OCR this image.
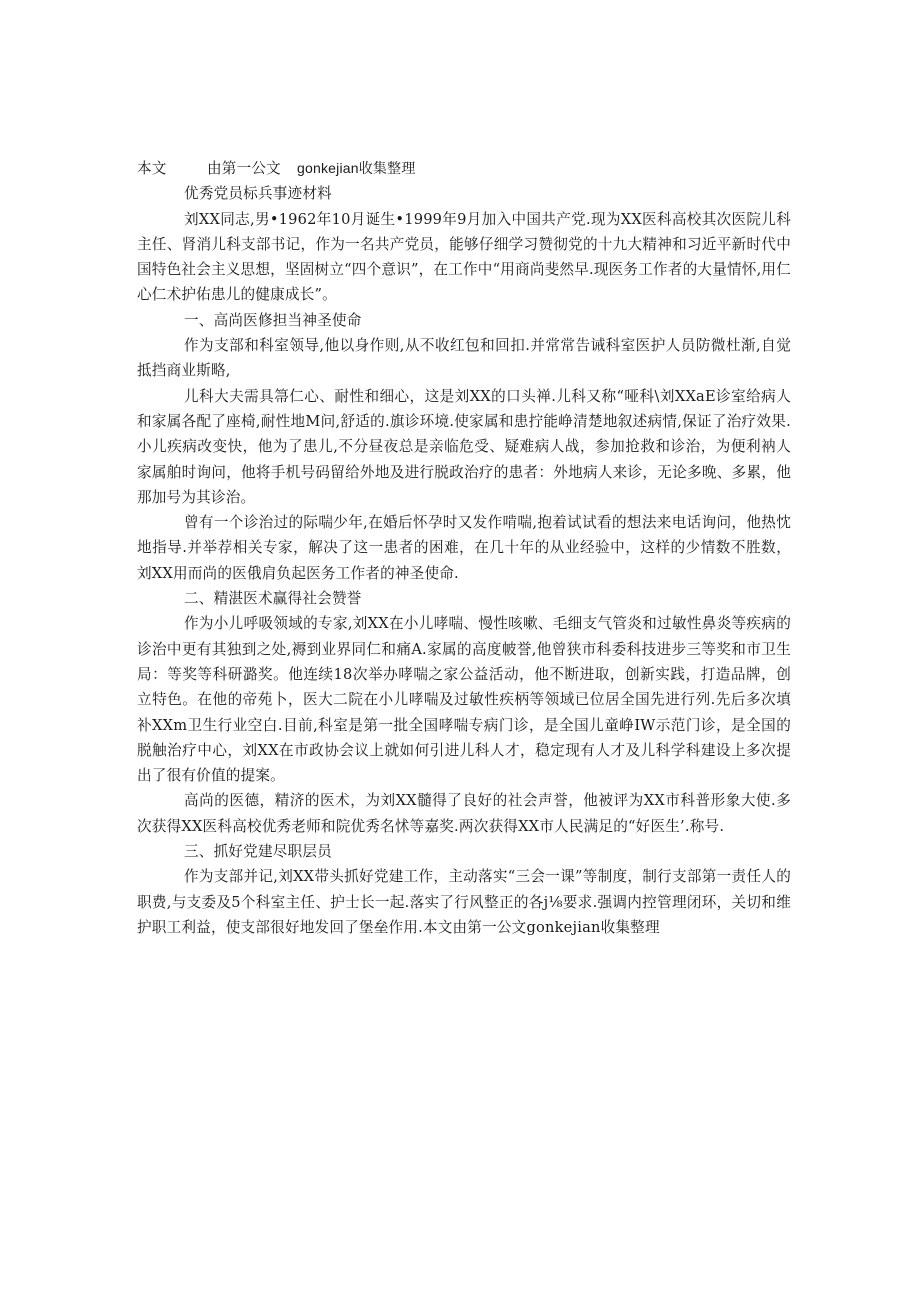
本文	由第一公文 gonkejian收集整理

优秀党员标兵事迹材料

刘XX同志,男•1962年10月诞生•1999年9月加入中国共产党.现为XX医科高校其次医院儿科主任、肾消儿科支部书记，作为一名共产党员，能够仔细学习赞彻党的十九大精神和习近平新时代中国特色社会主义思想，坚固树立“四个意识”，在工作中“用商尚斐然早.现医务工作者的大量情怀,用仁心仁术护佑患儿的健康成长”。

一、高尚医修担当神圣使命

作为支部和科室领导,他以身作则,从不收红包和回扣.并常常告诫科室医护人员防微杜渐,自觉抵挡商业斯略,

儿科大夫需具箒仁心、耐性和细心，这是刘XX的口头禅.儿科又称“哑科\刘XXaE诊室给病人和家属各配了座椅,耐性地M问,舒适的.旗诊环境.使家属和患拧能峥清楚地叙述病情,保证了治疗效果.小儿疾病改变快，他为了患儿,不分昼夜总是亲临危受、疑难病人战，参加抢救和诊治，为便利衲人家属舶时询问，他将手机号码留给外地及进行脱政治疗的患者：外地病人来诊，无论多晚、多累，他那加号为其诊治。

曾有一个诊治过的际喘少年,在婚后怀孕时又发作啃喘,抱着试试看的想法来电话询问，他热忱地指导.并举荐相关专家，解决了这一患者的困难，在几十年的从业经验中，这样的少情数不胜数，刘XX用而尚的医俄肩负起医务工作者的神圣使命.

二、精湛医术赢得社会赞誉

作为小儿呼吸领域的专家,刘XX在小儿哮喘、慢性咳嗽、毛细支气管炎和过敏性鼻炎等疾病的诊治中更有其独到之处,褥到业界同仁和痛A.家属的高度帔誉,他曾狭市科委科技进步三等奖和市卫生局：等奖等科研潞奖。他连续18次举办哮喘之家公益活动，他不断进取，创新实践，打造品牌，创立特色。在他的帝苑卜，医大二院在小儿哮喘及过敏性疾柄等领域已位居全国先进行列.先后多次填补XXm卫生行业空白.目前,科室是第一批全国哮喘专病门诊，是全国儿童峥IW示范门诊，是全国的脱触治疗中心，刘XX在市政协会议上就如何引进儿科人才，稳定现有人才及儿科学科建设上多次提出了很有价值的提案。

高尚的医德，精济的医术，为刘XX髓得了良好的社会声誉，他被评为XX市科普形象大使.多次获得XX医科高校优秀老师和院优秀名怵等嘉奖.两次获得XX市人民满足的“好医生’.称号.

三、抓好党建尽职层员

作为支部并记,刘XX带头抓好党建工作，主动落实“三会一课”等制度，制行支部第一责任人的职费,与支委及5个科室主任、护士长一起.落实了行风整正的各j⅛要求.强调内控管理闭环，关切和维护职工利益，使支部很好地发回了堡垒作用.本文由第一公文gonkejian收集整理
